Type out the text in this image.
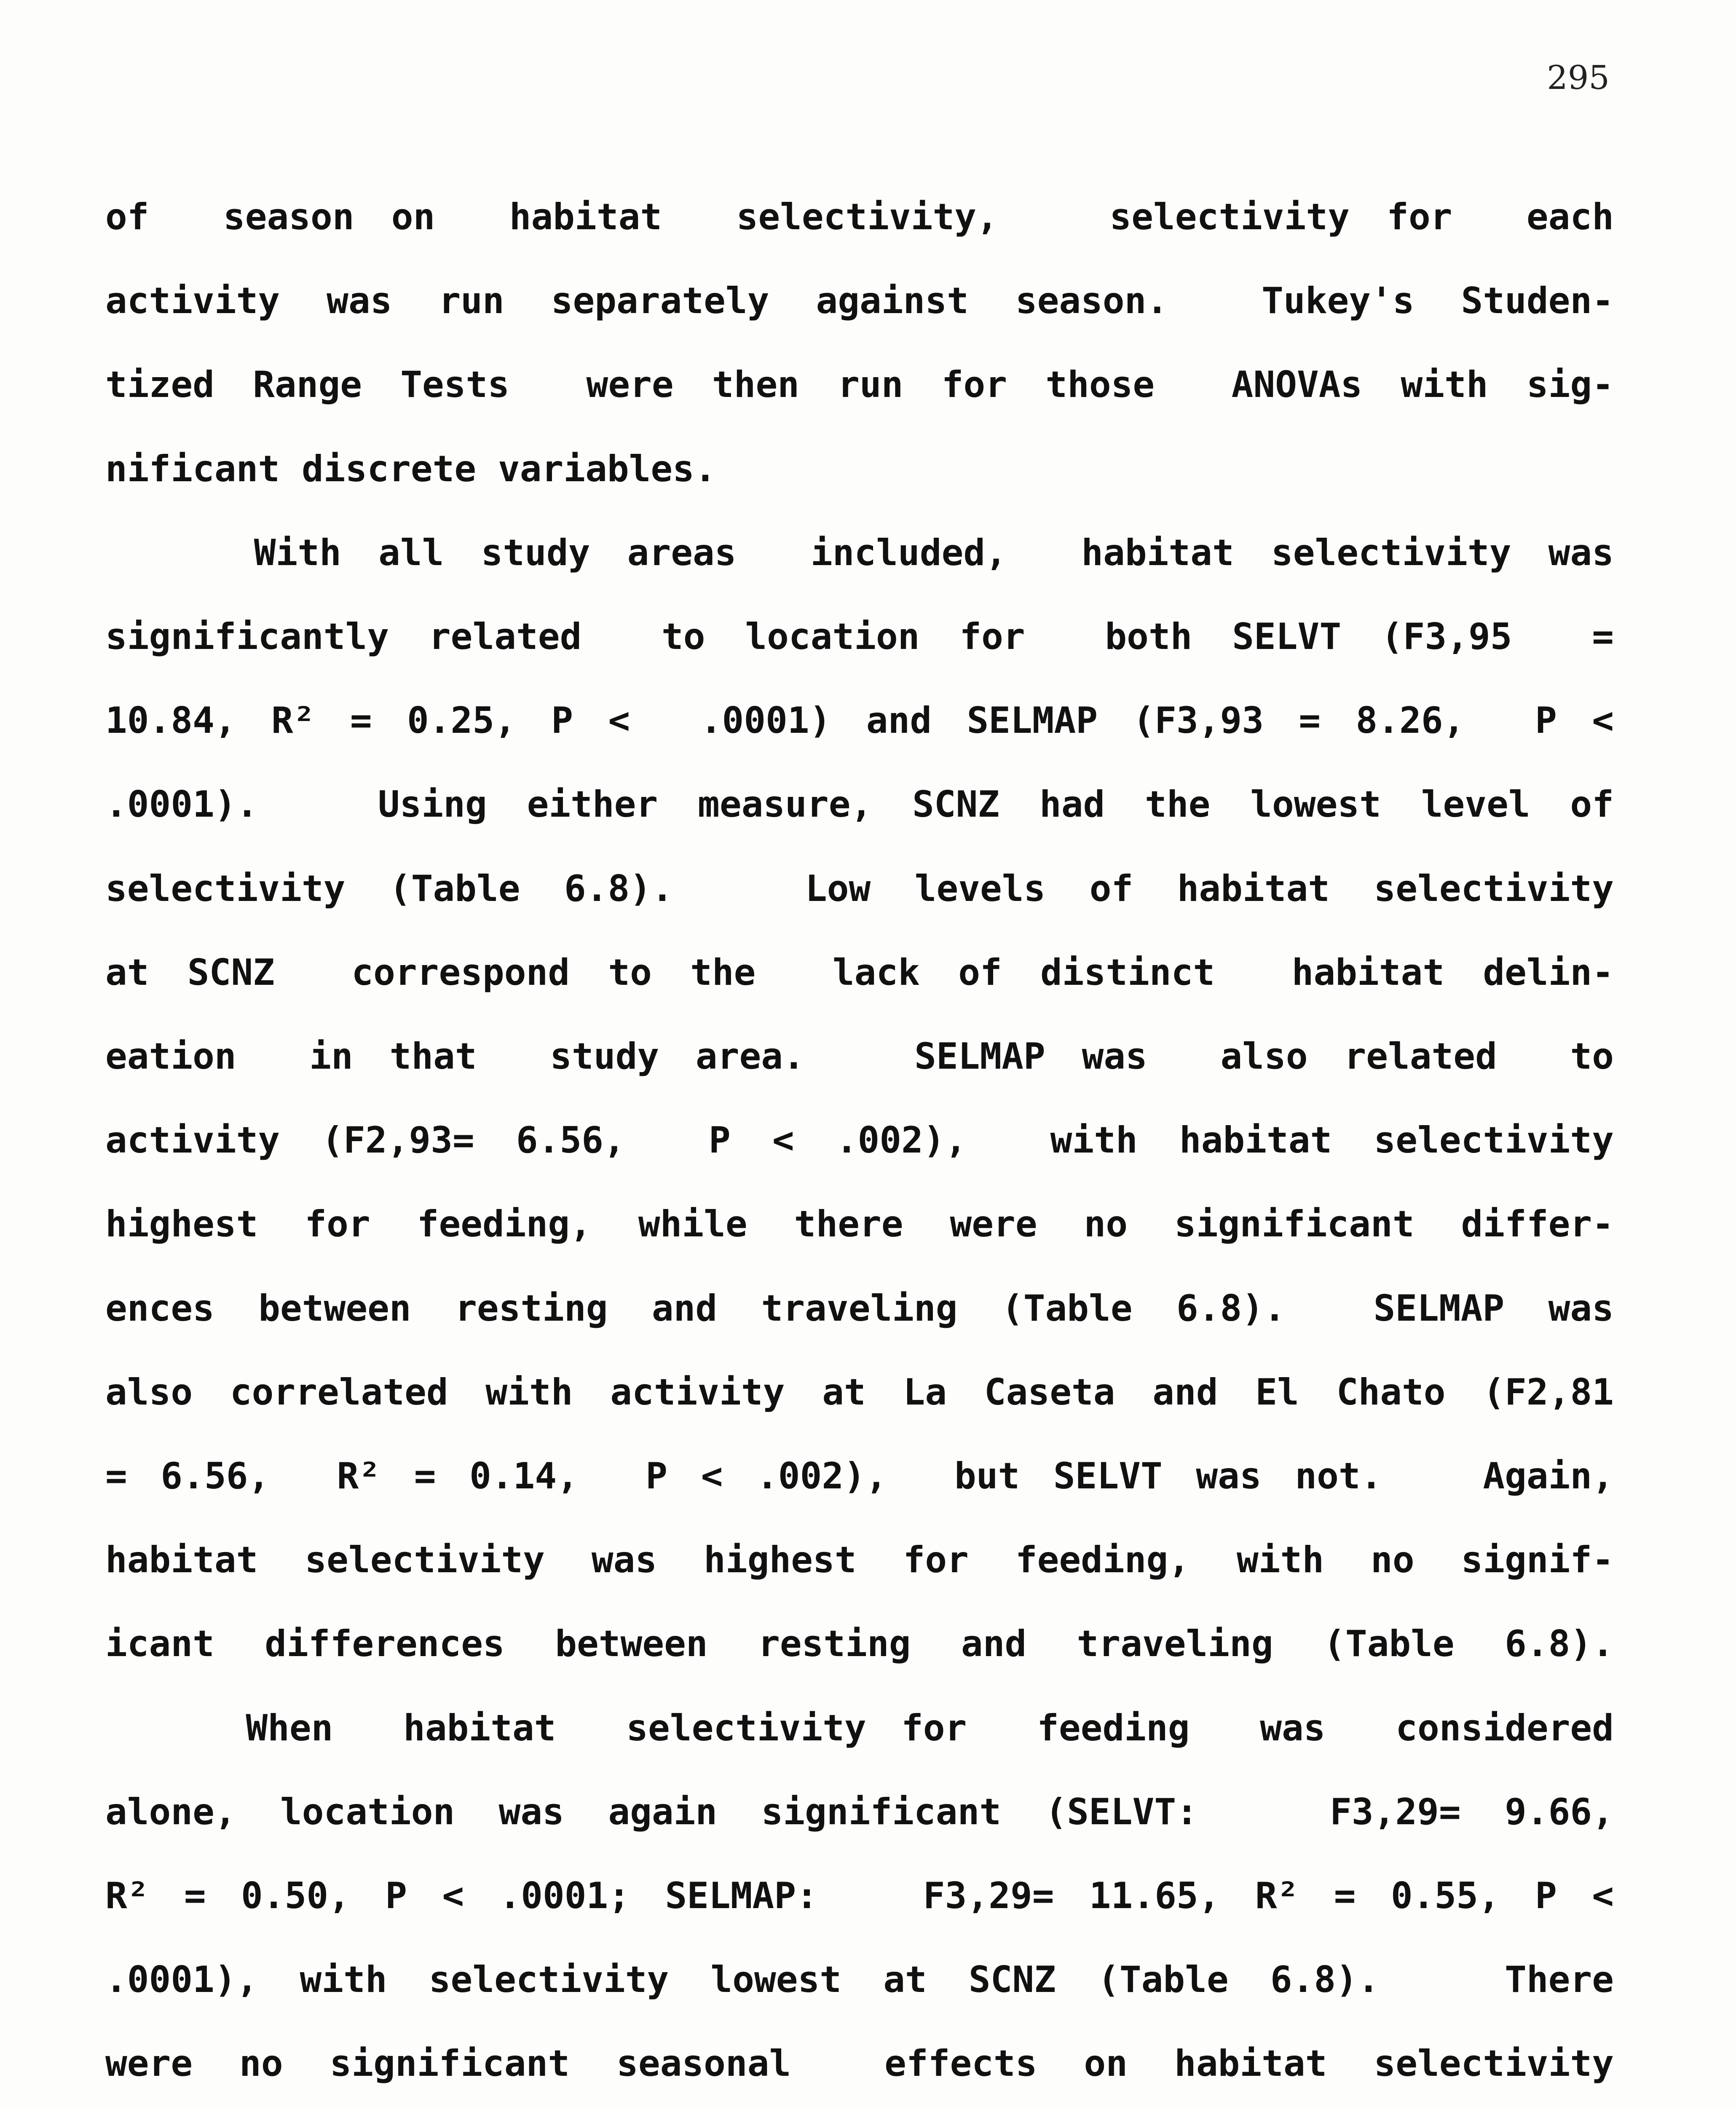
295
of  season on  habitat  selectivity,   selectivity for  each
activity was run separately against season.  Tukey's Studen-
tized Range Tests  were then run for those  ANOVAs with sig-
nificant discrete variables.
With all study areas  included,  habitat selectivity was
significantly related  to location for  both SELVT (F3,95  =
10.84, R² = 0.25, P <  .0001) and SELMAP (F3,93 = 8.26,  P <
.0001).   Using either measure, SCNZ had the lowest level of
selectivity (Table 6.8).   Low levels of habitat selectivity
at SCNZ  correspond to the  lack of distinct  habitat delin-
eation  in that  study area.   SELMAP was  also related  to
activity (F2,93= 6.56,  P < .002),  with habitat selectivity
highest for feeding, while there were no significant differ-
ences between resting and traveling (Table 6.8).  SELMAP was
also correlated with activity at La Caseta and El Chato (F2,81
= 6.56,  R² = 0.14,  P < .002),  but SELVT was not.   Again,
habitat selectivity was highest for feeding, with no signif-
icant differences between resting and traveling (Table 6.8).
When  habitat  selectivity for  feeding  was  considered
alone, location was again significant (SELVT:   F3,29= 9.66,
R² = 0.50, P < .0001; SELMAP:   F3,29= 11.65, R² = 0.55, P <
.0001), with selectivity lowest at SCNZ (Table 6.8).   There
were no significant seasonal  effects on habitat selectivity
